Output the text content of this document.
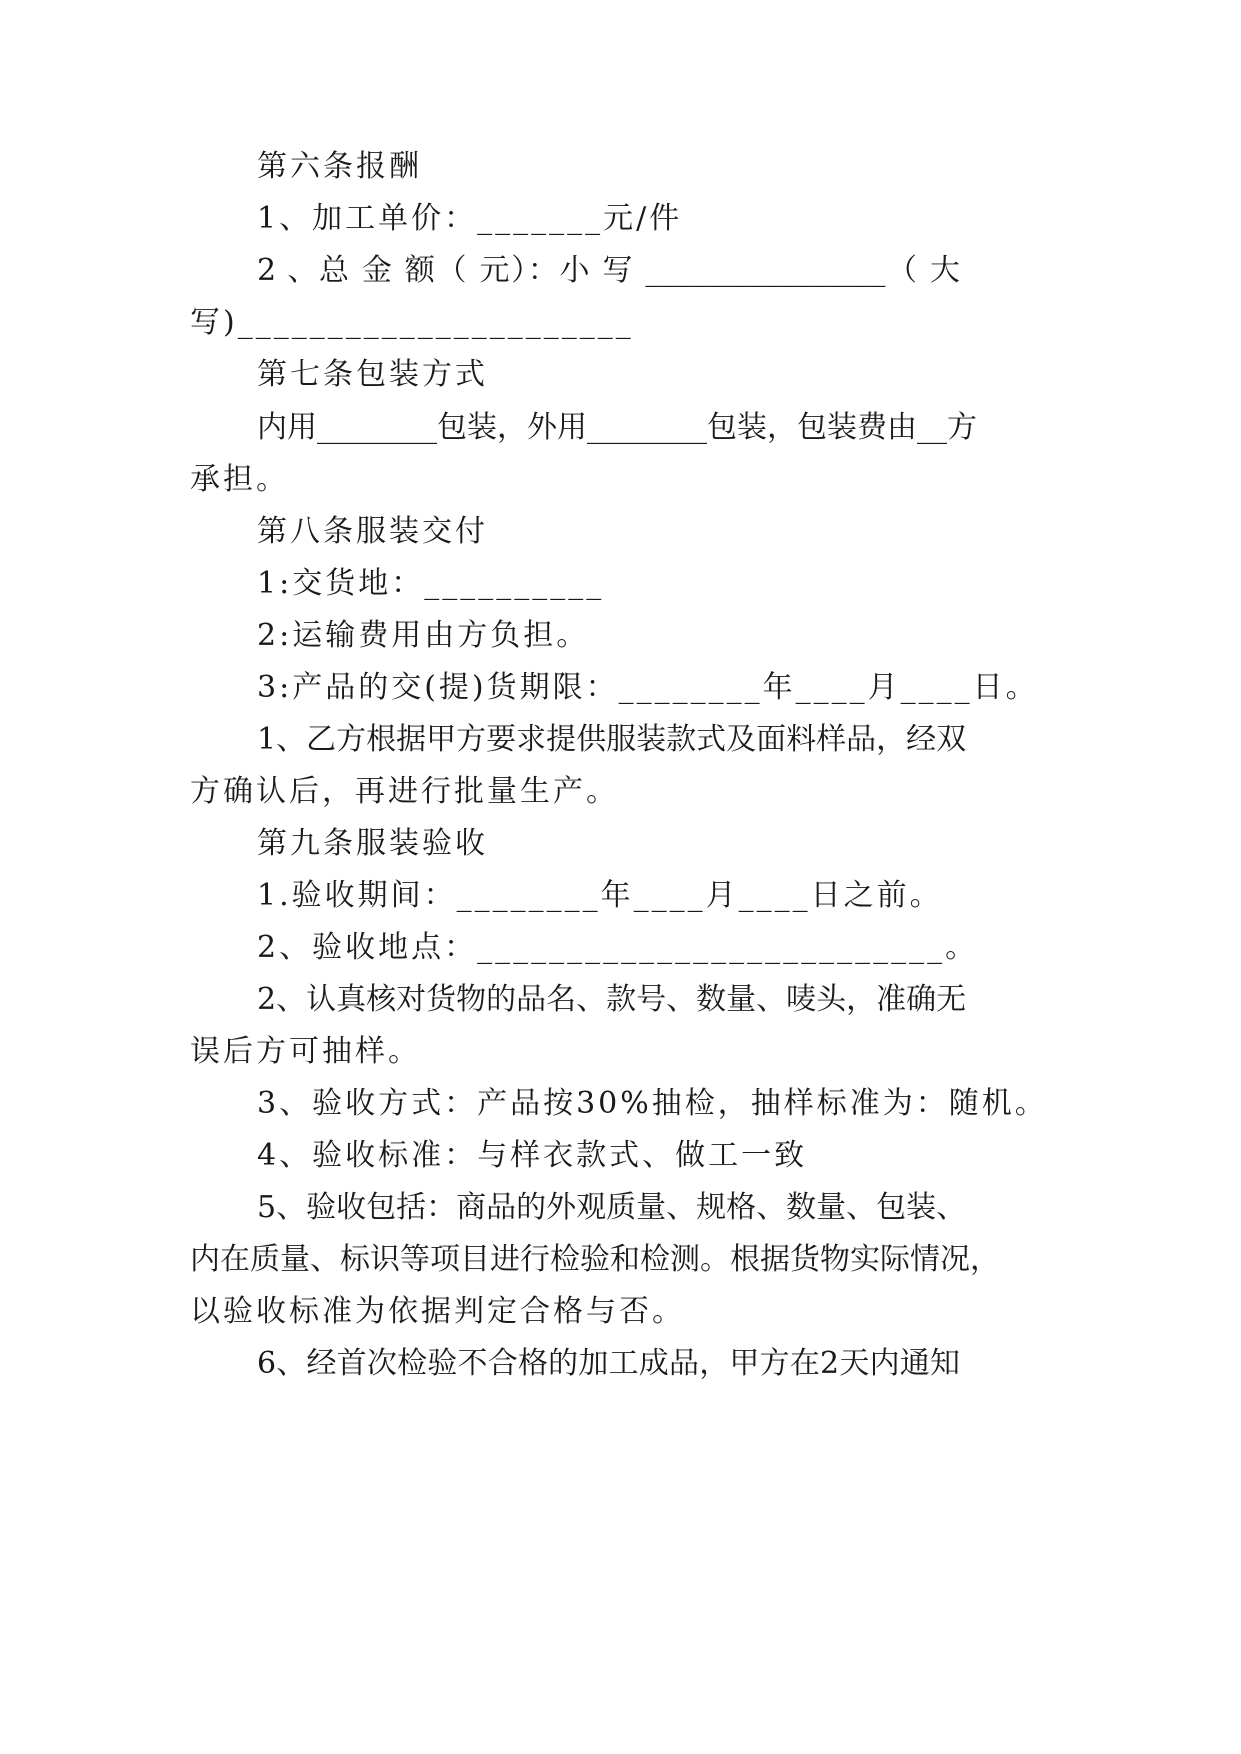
第六条报酬
1、加工单价：_______元/件
2 、总 金 额（ 元）：小 写 ________________（ 大
写)______________________
第七条包装方式
内用________包装，外用________包装，包装费由__方
承担。
第八条服装交付
1:交货地：__________
2:运输费用由方负担。
3:产品的交(提)货期限：________年____月____日。
1、乙方根据甲方要求提供服装款式及面料样品，经双
方确认后，再进行批量生产。
第九条服装验收
1.验收期间：________年____月____日之前。
2、验收地点：__________________________。
2、认真核对货物的品名、款号、数量、唛头，准确无
误后方可抽样。
3、验收方式：产品按30%抽检，抽样标准为：随机。
4、验收标准：与样衣款式、做工一致
5、验收包括：商品的外观质量、规格、数量、包装、
内在质量、标识等项目进行检验和检测。根据货物实际情况，
以验收标准为依据判定合格与否。
6、经首次检验不合格的加工成品，甲方在2天内通知
